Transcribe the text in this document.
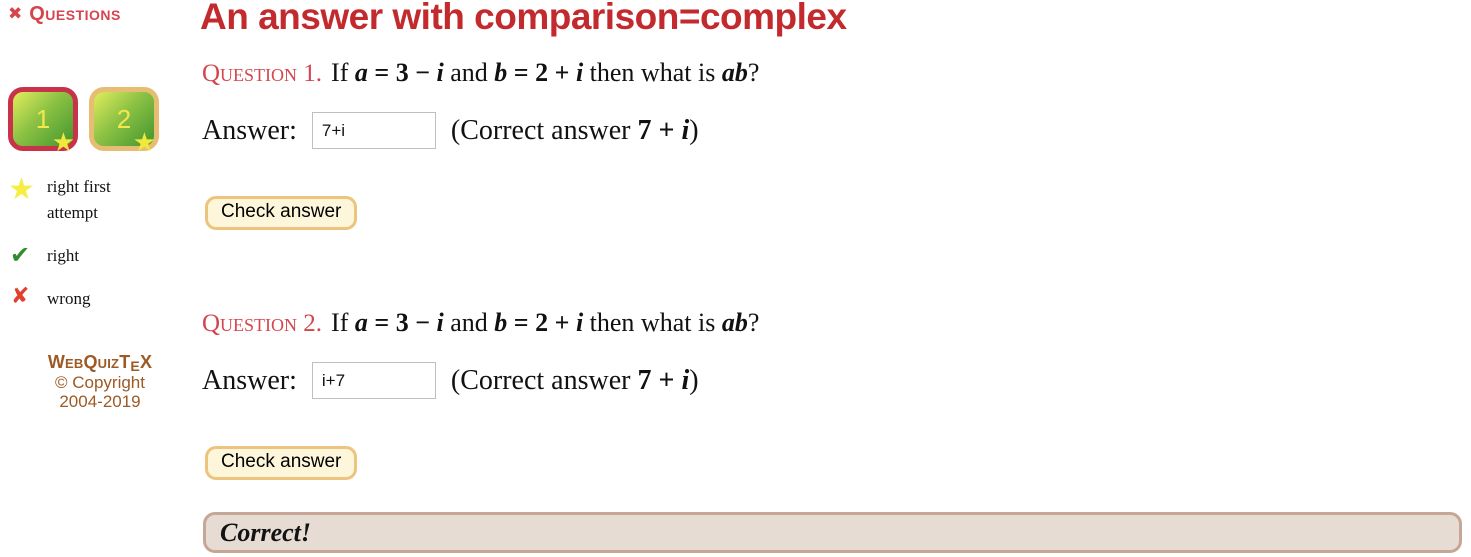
✖ Questions
1
★
2
★
★ right first attempt
✔ right
✘	wrong
WebQuizTEX
© Copyright
2004-2019
An answer with comparison=complex
Question 1. If a = 3 − i and b = 2 + i then what is ab?
Answer:
7+i	(Correct answer 7 + i)
Check answer
Question 2. If a = 3 − i and b = 2 + i then what is ab?
Answer:
i+7	(Correct answer 7 + i)
Check answer
Correct!
